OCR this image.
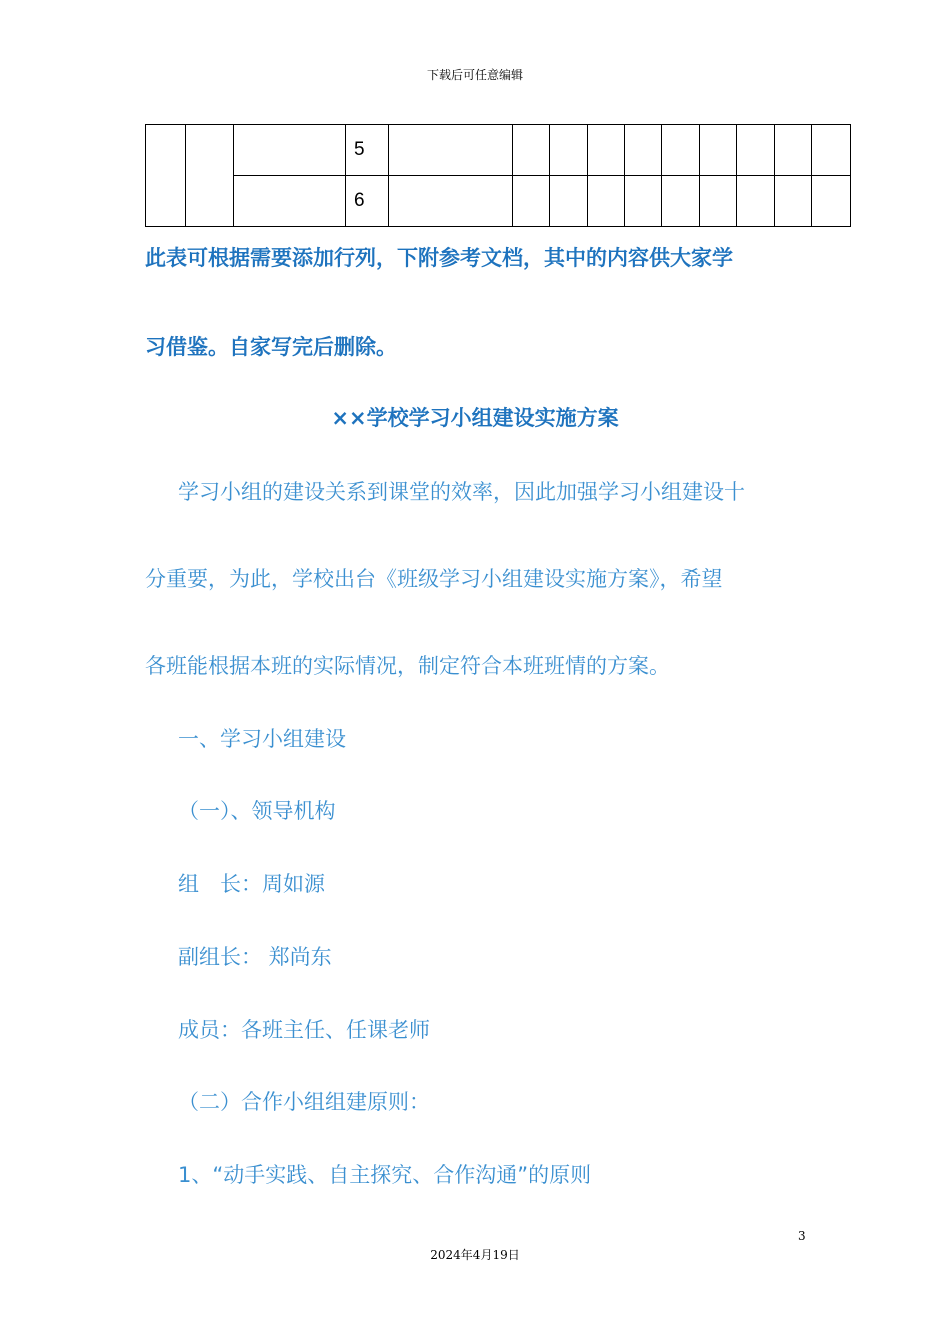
下载后可任意编辑
			5										
			6										
此表可根据需要添加行列，下附参考文档，其中的内容供大家学
习借鉴。自家写完后删除。
××学校学习小组建设实施方案
学习小组的建设关系到课堂的效率，因此加强学习小组建设十
分重要，为此，学校出台《班级学习小组建设实施方案》，希望
各班能根据本班的实际情况，制定符合本班班情的方案。
一、学习小组建设
（一）、领导机构
组　长：周如源
副组长： 郑尚东
成员：各班主任、任课老师
（二）合作小组组建原则：
1、“动手实践、自主探究、合作沟通”的原则
3
2024年4月19日
